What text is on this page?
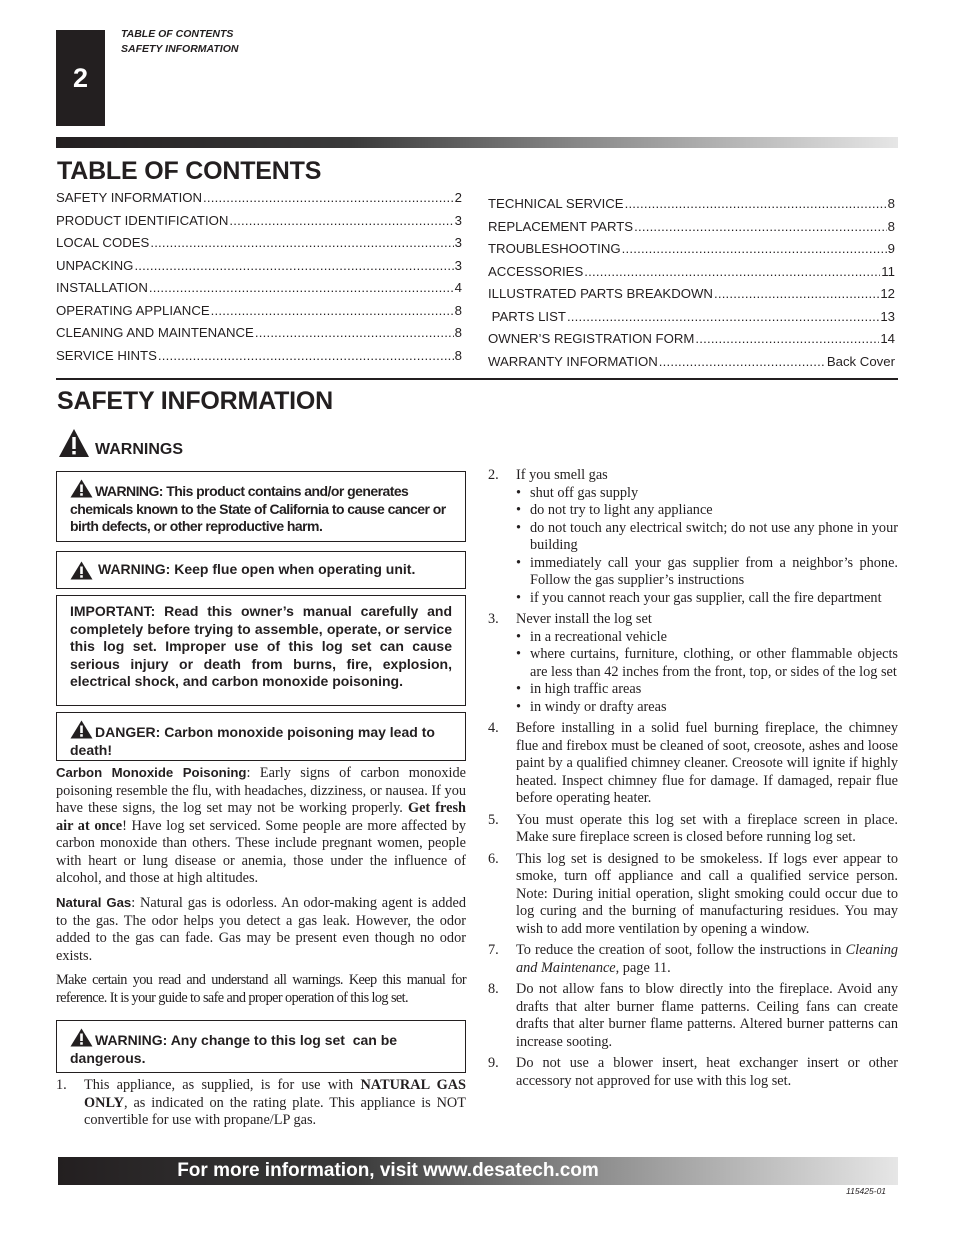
2
TABLE OF CONTENTS
SAFETY INFORMATION
TABLE OF CONTENTS
SAFETY INFORMATION .....	2
PRODUCT IDENTIFICATION .....	3
LOCAL CODES .....	3
UNPACKING .....	3
INSTALLATION .....	4
OPERATING APPLIANCE .....	8
CLEANING AND MAINTENANCE .....	8
SERVICE HINTS .....	8
TECHNICAL SERVICE .....	8
REPLACEMENT PARTS .....	8
TROUBLESHOOTING .....	9
ACCESSORIES .....	11
ILLUSTRATED PARTS BREAKDOWN .....	12
PARTS LIST .....	13
OWNER’S REGISTRATION FORM .....	14
WARRANTY INFORMATION .....	Back Cover
SAFETY INFORMATION
WARNINGS
WARNING: This product contains and/or generates chemicals known to the State of California to cause cancer or birth defects, or other reproductive harm.
WARNING: Keep flue open when operating unit.
IMPORTANT: Read this owner’s manual carefully and completely before trying to assemble, operate, or service this log set. Improper use of this log set can cause serious injury or death from burns, fire, explosion, electrical shock, and carbon monoxide poisoning.
DANGER: Carbon monoxide poisoning may lead to death!
Carbon Monoxide Poisoning: Early signs of carbon monoxide poisoning resemble the flu, with headaches, dizziness, or nausea. If you have these signs, the log set may not be working properly. Get fresh air at once! Have log set serviced. Some people are more affected by carbon monoxide than others. These include pregnant women, people with heart or lung disease or anemia, those under the influence of alcohol, and those at high altitudes.
Natural Gas: Natural gas is odorless. An odor-making agent is added to the gas. The odor helps you detect a gas leak. However, the odor added to the gas can fade. Gas may be present even though no odor exists.
Make certain you read and understand all warnings. Keep this manual for reference. It is your guide to safe and proper operation of this log set.
WARNING: Any change to this log set  can be dangerous.
1. This appliance, as supplied, is for use with NATURAL GAS ONLY, as indicated on the rating plate. This appliance is NOT convertible for use with propane/LP gas.
2. If you smell gas
• shut off gas supply
• do not try to light any appliance
• do not touch any electrical switch; do not use any phone in your building
• immediately call your gas supplier from a neighbor’s phone. Follow the gas supplier’s instructions
• if you cannot reach your gas supplier, call the fire department
3. Never install the log set
• in a recreational vehicle
• where curtains, furniture, clothing, or other flammable objects are less than 42 inches from the front, top, or sides of the log set
• in high traffic areas
• in windy or drafty areas
4. Before installing in a solid fuel burning fireplace, the chimney flue and firebox must be cleaned of soot, creosote, ashes and loose paint by a qualified chimney cleaner. Creosote will ignite if highly heated. Inspect chimney flue for damage. If damaged, repair flue before operating heater.
5. You must operate this log set with a fireplace screen in place. Make sure fireplace screen is closed before running log set.
6. This log set is designed to be smokeless. If logs ever appear to smoke, turn off appliance and call a qualified service person. Note: During initial operation, slight smoking could occur due to log curing and the burning of manufacturing residues. You may wish to add more ventilation by opening a window.
7. To reduce the creation of soot, follow the instructions in Cleaning and Maintenance, page 11.
8. Do not allow fans to blow directly into the fireplace. Avoid any drafts that alter burner flame patterns. Ceiling fans can create drafts that alter burner flame patterns. Altered burner patterns can increase sooting.
9. Do not use a blower insert, heat exchanger insert or other accessory not approved for use with this log set.
For more information, visit www.desatech.com
115425-01
